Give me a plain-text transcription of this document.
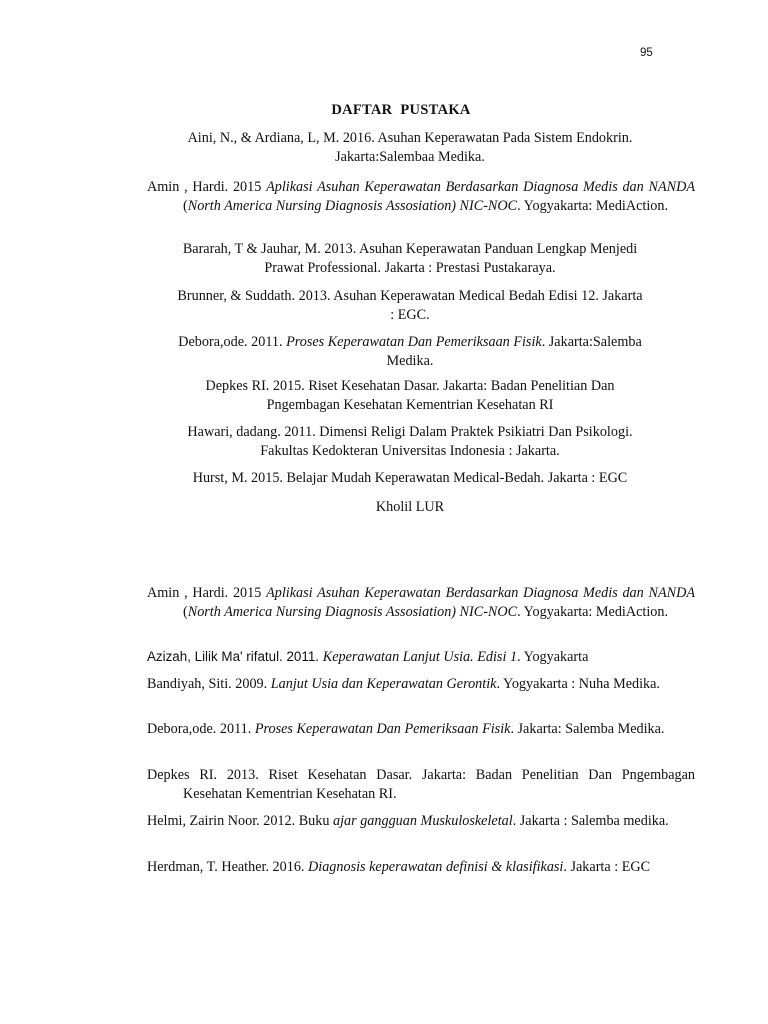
95
DAFTAR PUSTAKA
Aini, N., & Ardiana, L, M. 2016. Asuhan Keperawatan Pada Sistem Endokrin.
Jakarta:Salembaa Medika.
Amin , Hardi. 2015 Aplikasi Asuhan Keperawatan Berdasarkan Diagnosa Medis dan NANDA (North America Nursing Diagnosis Assosiation) NIC-NOC. Yogyakarta: MediAction.
Bararah, T & Jauhar, M. 2013. Asuhan Keperawatan Panduan Lengkap Menjedi
Prawat Professional. Jakarta : Prestasi Pustakaraya.
Brunner, & Suddath. 2013. Asuhan Keperawatan Medical Bedah Edisi 12. Jakarta
: EGC.
Debora,ode. 2011. Proses Keperawatan Dan Pemeriksaan Fisik. Jakarta:Salemba
Medika.
Depkes RI. 2015. Riset Kesehatan Dasar. Jakarta: Badan Penelitian Dan
Pngembagan Kesehatan Kementrian Kesehatan RI
Hawari, dadang. 2011. Dimensi Religi Dalam Praktek Psikiatri Dan Psikologi.
Fakultas Kedokteran Universitas Indonesia : Jakarta.
Hurst, M. 2015. Belajar Mudah Keperawatan Medical-Bedah. Jakarta : EGC
Kholil LUR
Amin , Hardi. 2015 Aplikasi Asuhan Keperawatan Berdasarkan Diagnosa Medis dan NANDA (North America Nursing Diagnosis Assosiation) NIC-NOC. Yogyakarta: MediAction.
Azizah, Lilik Ma' rifatul. 2011. Keperawatan Lanjut Usia. Edisi 1. Yogyakarta
Bandiyah, Siti. 2009. Lanjut Usia dan Keperawatan Gerontik. Yogyakarta : Nuha Medika.
Debora,ode. 2011. Proses Keperawatan Dan Pemeriksaan Fisik. Jakarta: Salemba Medika.
Depkes RI. 2013. Riset Kesehatan Dasar. Jakarta: Badan Penelitian Dan Pngembagan Kesehatan Kementrian Kesehatan RI.
Helmi, Zairin Noor. 2012. Buku ajar gangguan Muskuloskeletal. Jakarta : Salemba medika.
Herdman, T. Heather. 2016. Diagnosis keperawatan definisi & klasifikasi. Jakarta : EGC
